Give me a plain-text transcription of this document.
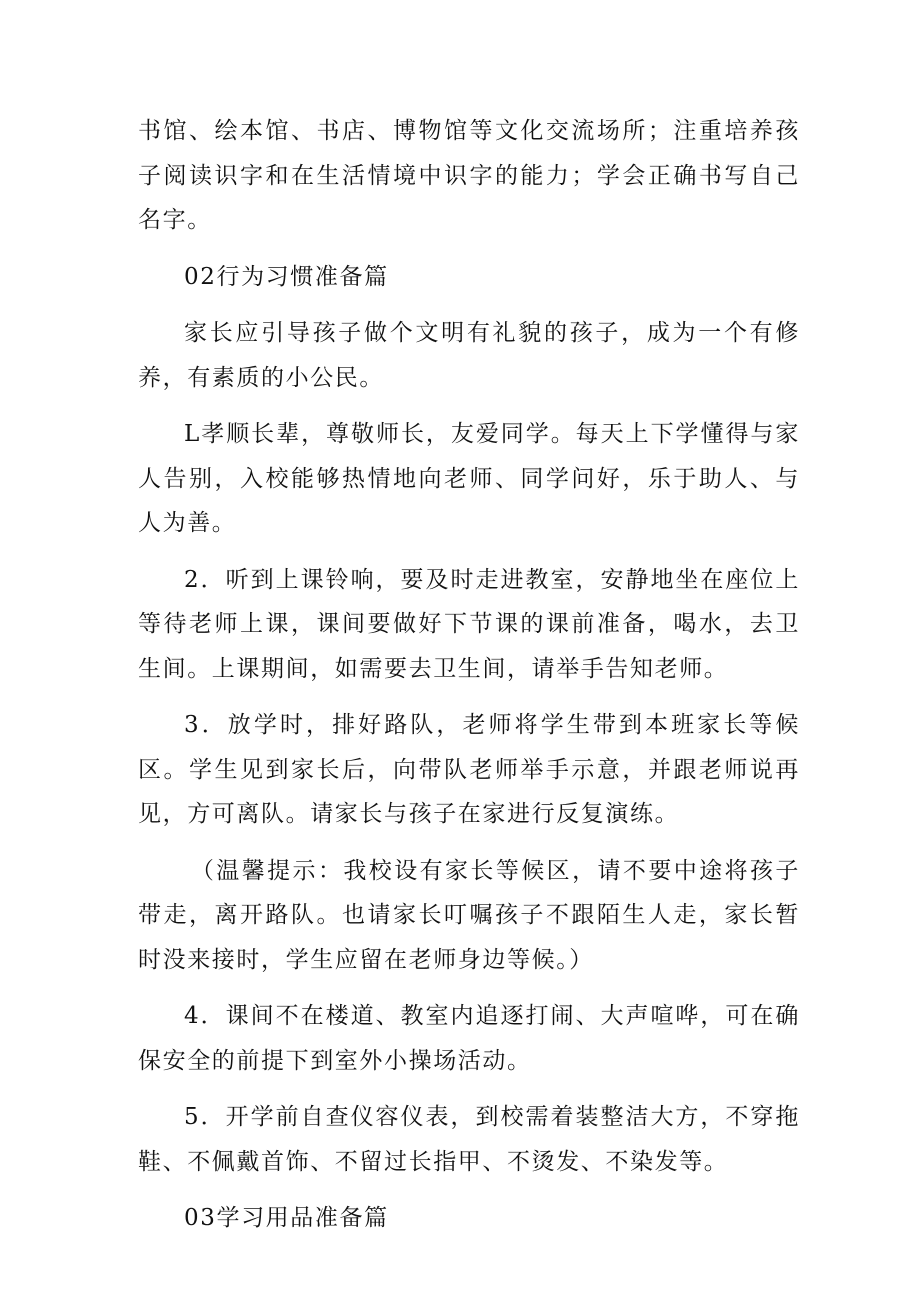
书馆、绘本馆、书店、博物馆等文化交流场所；注重培养孩子阅读识字和在生活情境中识字的能力；学会正确书写自己名字。

02行为习惯准备篇

家长应引导孩子做个文明有礼貌的孩子，成为一个有修养，有素质的小公民。

L孝顺长辈，尊敬师长，友爱同学。每天上下学懂得与家人告别，入校能够热情地向老师、同学问好，乐于助人、与人为善。

2．听到上课铃响，要及时走进教室，安静地坐在座位上等待老师上课，课间要做好下节课的课前准备，喝水，去卫生间。上课期间，如需要去卫生间，请举手告知老师。

3．放学时，排好路队，老师将学生带到本班家长等候区。学生见到家长后，向带队老师举手示意，并跟老师说再见，方可离队。请家长与孩子在家进行反复演练。

（温馨提示：我校设有家长等候区，请不要中途将孩子带走，离开路队。也请家长叮嘱孩子不跟陌生人走，家长暂时没来接时，学生应留在老师身边等候。）

4．课间不在楼道、教室内追逐打闹、大声喧哗，可在确保安全的前提下到室外小操场活动。

5．开学前自查仪容仪表，到校需着装整洁大方，不穿拖鞋、不佩戴首饰、不留过长指甲、不烫发、不染发等。

03学习用品准备篇
